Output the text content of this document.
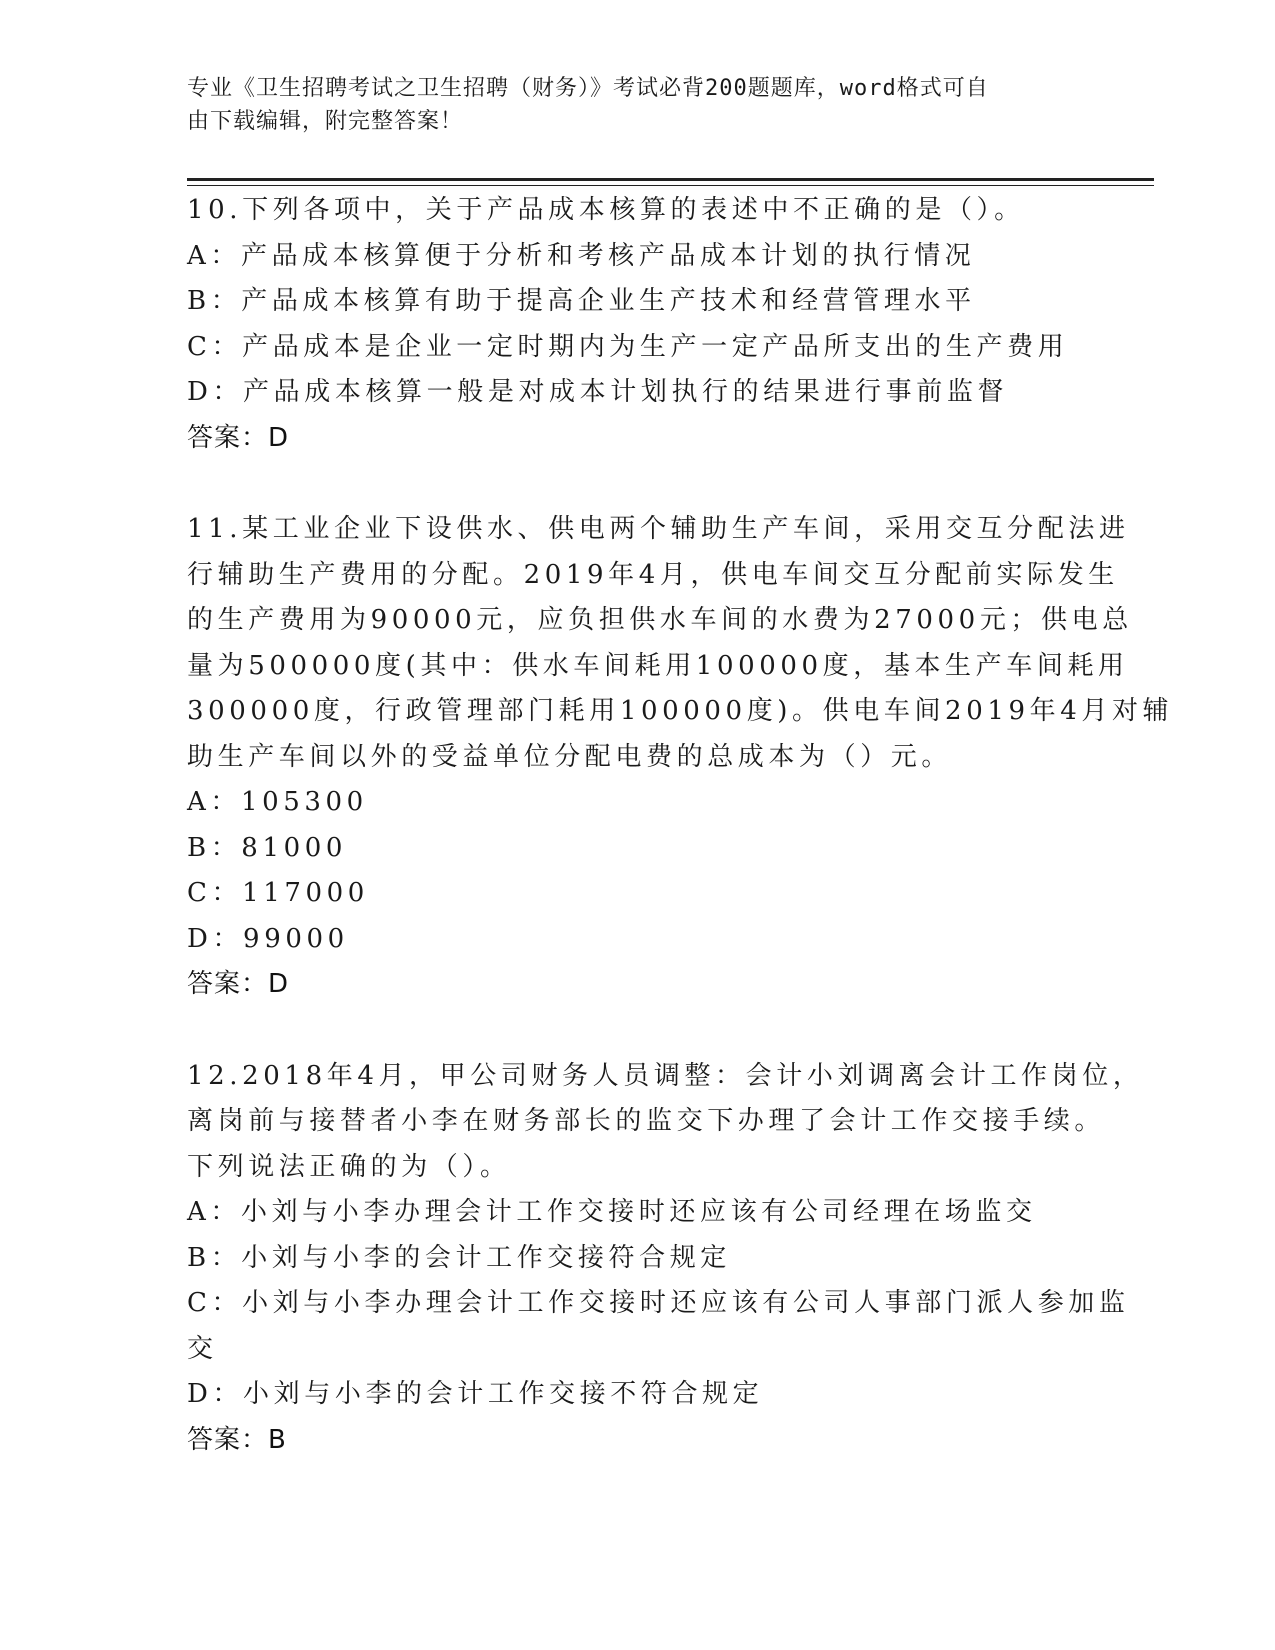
专业《卫生招聘考试之卫生招聘（财务）》考试必背200题题库，word格式可自
由下载编辑，附完整答案！
10.下列各项中，关于产品成本核算的表述中不正确的是（）。
A：产品成本核算便于分析和考核产品成本计划的执行情况
B：产品成本核算有助于提高企业生产技术和经营管理水平
C：产品成本是企业一定时期内为生产一定产品所支出的生产费用
D：产品成本核算一般是对成本计划执行的结果进行事前监督
答案：D
11.某工业企业下设供水、供电两个辅助生产车间，采用交互分配法进
行辅助生产费用的分配。2019年4月，供电车间交互分配前实际发生
的生产费用为90000元，应负担供水车间的水费为27000元；供电总
量为500000度(其中：供水车间耗用100000度，基本生产车间耗用
300000度，行政管理部门耗用100000度)。供电车间2019年4月对辅
助生产车间以外的受益单位分配电费的总成本为（）元。
A：105300
B：81000
C：117000
D：99000
答案：D
12.2018年4月，甲公司财务人员调整：会计小刘调离会计工作岗位，
离岗前与接替者小李在财务部长的监交下办理了会计工作交接手续。
下列说法正确的为（）。
A：小刘与小李办理会计工作交接时还应该有公司经理在场监交
B：小刘与小李的会计工作交接符合规定
C：小刘与小李办理会计工作交接时还应该有公司人事部门派人参加监
交
D：小刘与小李的会计工作交接不符合规定
答案：B
